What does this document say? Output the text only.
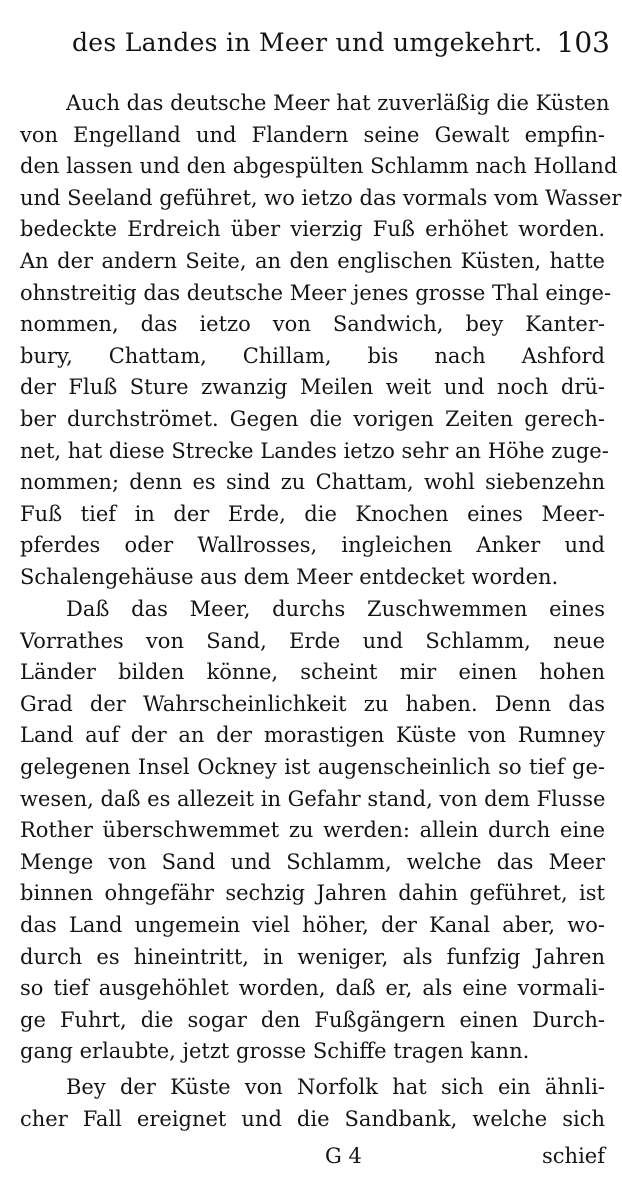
des Landes in Meer und umgekehrt. 103
Auch das deutsche Meer hat zuverläßig die Küsten
von Engelland und Flandern seine Gewalt empfin-
den lassen und den abgespülten Schlamm nach Holland
und Seeland geführet, wo ietzo das vormals vom Wasser
bedeckte Erdreich über vierzig Fuß erhöhet worden.
An der andern Seite, an den englischen Küsten, hatte
ohnstreitig das deutsche Meer jenes grosse Thal einge-
nommen, das ietzo von Sandwich, bey Kanter-
bury, Chattam, Chillam, bis nach Ashford
der Fluß Sture zwanzig Meilen weit und noch drü-
ber durchströmet. Gegen die vorigen Zeiten gerech-
net, hat diese Strecke Landes ietzo sehr an Höhe zuge-
nommen; denn es sind zu Chattam, wohl siebenzehn
Fuß tief in der Erde, die Knochen eines Meer-
pferdes oder Wallrosses, ingleichen Anker und
Schalengehäuse aus dem Meer entdecket worden.
Daß das Meer, durchs Zuschwemmen eines
Vorrathes von Sand, Erde und Schlamm, neue
Länder bilden könne, scheint mir einen hohen
Grad der Wahrscheinlichkeit zu haben. Denn das
Land auf der an der morastigen Küste von Rumney
gelegenen Insel Ockney ist augenscheinlich so tief ge-
wesen, daß es allezeit in Gefahr stand, von dem Flusse
Rother überschwemmet zu werden: allein durch eine
Menge von Sand und Schlamm, welche das Meer
binnen ohngefähr sechzig Jahren dahin geführet, ist
das Land ungemein viel höher, der Kanal aber, wo-
durch es hineintritt, in weniger, als funfzig Jahren
so tief ausgehöhlet worden, daß er, als eine vormali-
ge Fuhrt, die sogar den Fußgängern einen Durch-
gang erlaubte, jetzt grosse Schiffe tragen kann.
Bey der Küste von Norfolk hat sich ein ähnli-
cher Fall ereignet und die Sandbank, welche sich
G 4	schief
